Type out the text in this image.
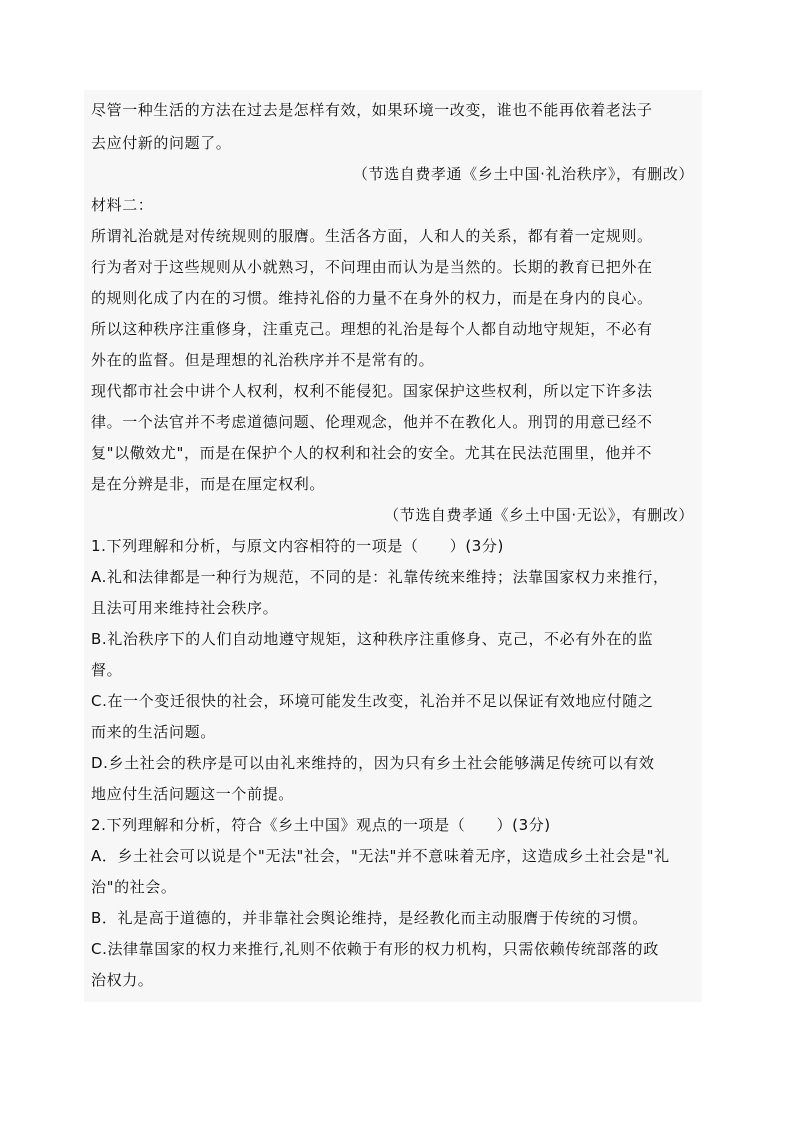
尽管一种生活的方法在过去是怎样有效，如果环境一改变，谁也不能再依着老法子
去应付新的问题了。
（节选自费孝通《乡土中国·礼治秩序》，有删改）
材料二：
所谓礼治就是对传统规则的服膺。生活各方面，人和人的关系，都有着一定规则。
行为者对于这些规则从小就熟习，不问理由而认为是当然的。长期的教育已把外在
的规则化成了内在的习惯。维持礼俗的力量不在身外的权力，而是在身内的良心。
所以这种秩序注重修身，注重克己。理想的礼治是每个人都自动地守规矩，不必有
外在的监督。但是理想的礼治秩序并不是常有的。
现代都市社会中讲个人权利，权利不能侵犯。国家保护这些权利，所以定下许多法
律。一个法官并不考虑道德问题、伦理观念，他并不在教化人。刑罚的用意已经不
复"以儆效尤"，而是在保护个人的权利和社会的安全。尤其在民法范围里，他并不
是在分辨是非，而是在厘定权利。
（节选自费孝通《乡土中国·无讼》，有删改）
1.下列理解和分析，与原文内容相符的一项是（　　）(3分)
A.礼和法律都是一种行为规范，不同的是：礼靠传统来维持；法靠国家权力来推行，
且法可用来维持社会秩序。
B.礼治秩序下的人们自动地遵守规矩，这种秩序注重修身、克己，不必有外在的监
督。
C.在一个变迁很快的社会，环境可能发生改变，礼治并不足以保证有效地应付随之
而来的生活问题。
D.乡土社会的秩序是可以由礼来维持的，因为只有乡土社会能够满足传统可以有效
地应付生活问题这一个前提。
2.下列理解和分析，符合《乡土中国》观点的一项是（　　）(3分)
A．乡土社会可以说是个"无法"社会，"无法"并不意味着无序，这造成乡土社会是"礼
治"的社会。
B．礼是高于道德的，并非靠社会舆论维持，是经教化而主动服膺于传统的习惯。
C.法律靠国家的权力来推行,礼则不依赖于有形的权力机构，只需依赖传统部落的政
治权力。
